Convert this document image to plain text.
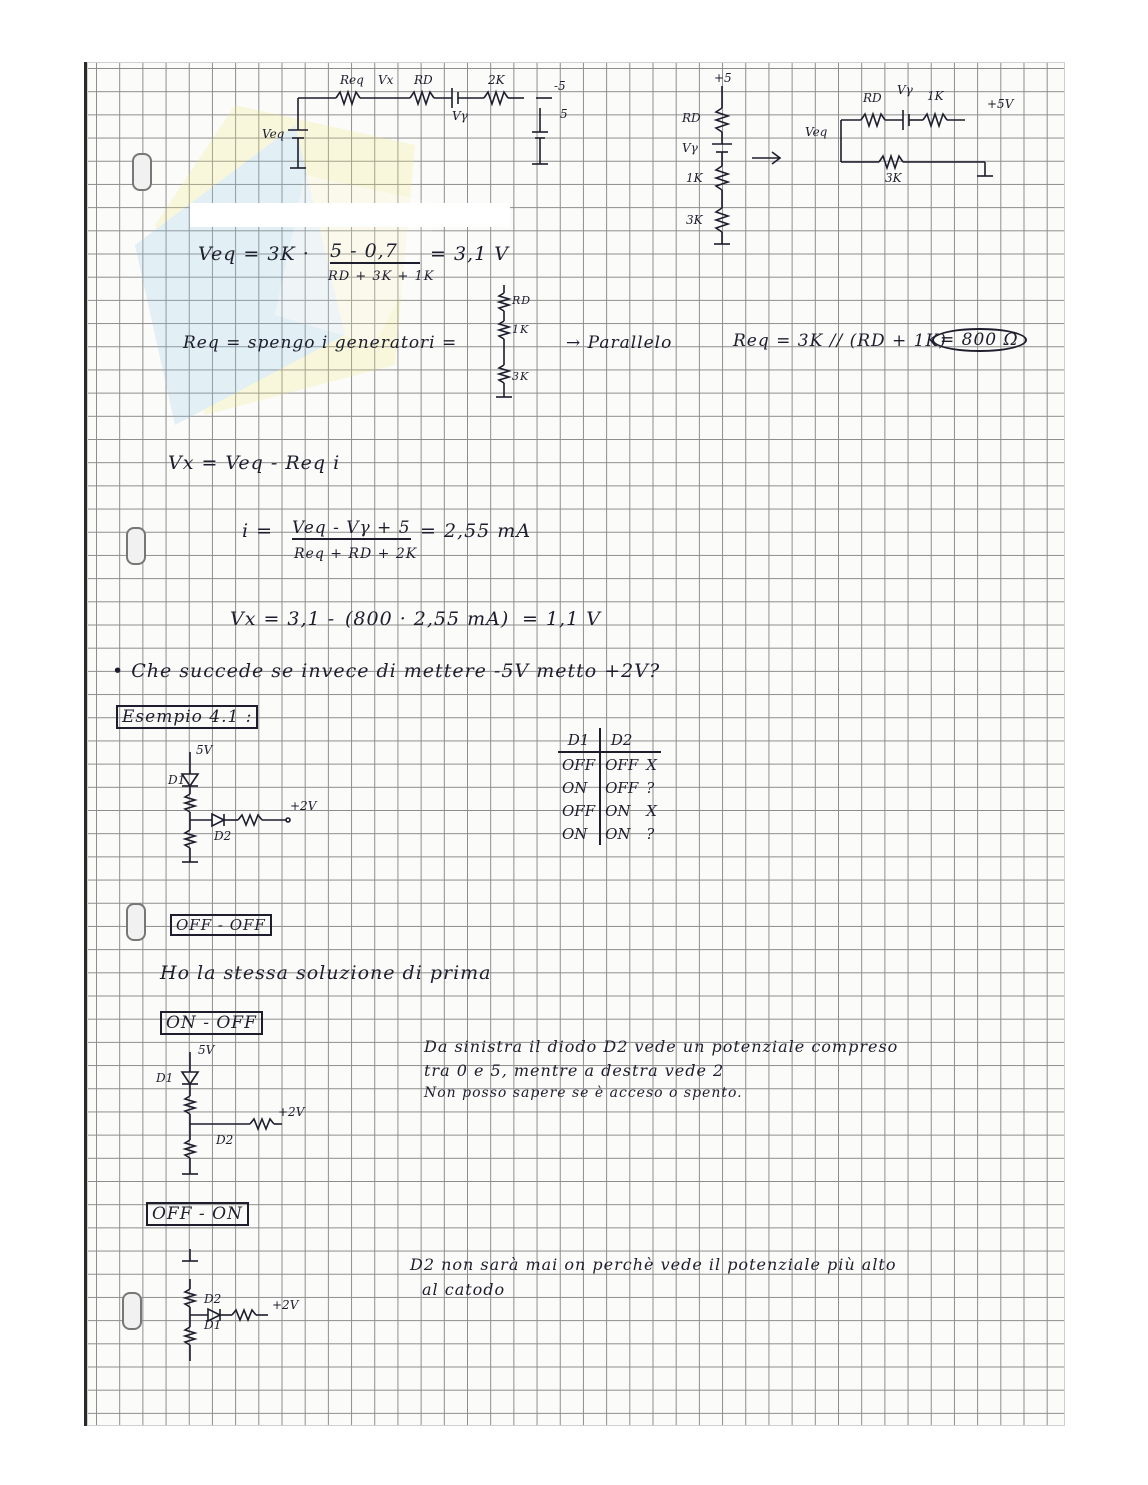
Req Vx RD
Vγ
2K	-5
5
Veq
+5
RD
Vγ
1K
3K
RD
Vγ 1K
+5V
Veq
3K
Veq = 3K · 5 - 0,7
RD + 3K + 1K
= 3,1 V
Req = spengo i generatori =
RD
1K
3K
→ Parallelo	Req = 3K // (RD + 1K)
= 800 Ω
Vx = Veq - Req i
i = Veq - Vγ + 5
Req + RD + 2K
= 2,55 mA
Vx = 3,1 - (800 · 2,55 mA) = 1,1 V
• Che succede se invece di mettere -5V metto +2V?
Esempio 4.1 :
5V
D1
D2
+2V
D1	D2	
OFF	OFF	X
ON	OFF	?
OFF	ON	X
ON	ON	?
OFF - OFF
Ho la stessa soluzione di prima
ON - OFF
5V
D1
D2
+2V
Da sinistra il diodo D2 vede un potenziale compreso
tra 0 e 5, mentre a destra vede 2
Non posso sapere se è acceso o spento.
OFF - ON
D2
D1
+2V
D2 non sarà mai on perchè vede il potenziale più alto
al catodo
